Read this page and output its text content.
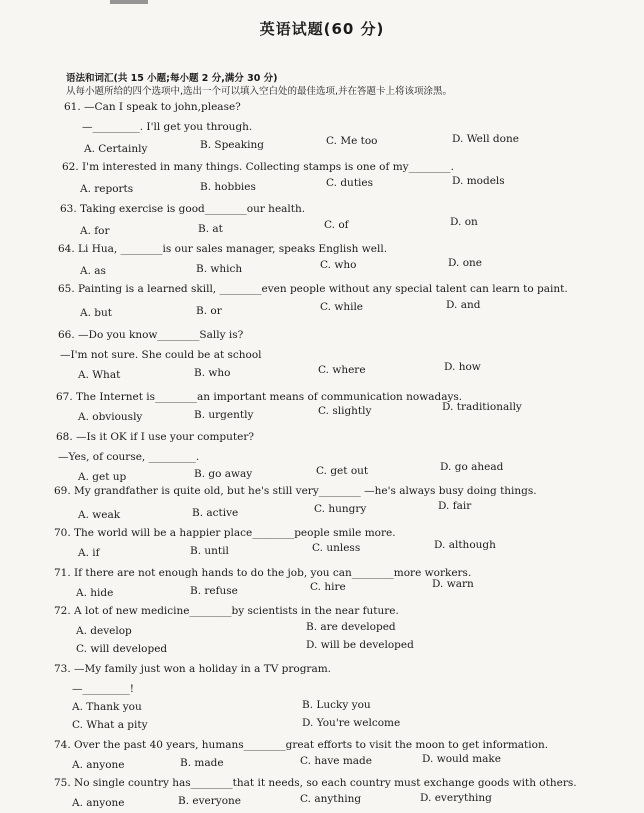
英语试题(60 分)
语法和词汇(共 15 小题;每小题 2 分,满分 30 分)
从每小题所给的四个选项中,选出一个可以填入空白处的最佳选项,并在答题卡上将该项涂黑。
61. —Can I speak to john,please?
—_________. I'll get you through.
A. Certainly	B. Speaking	C. Me too	D. Well done
62. I'm interested in many things. Collecting stamps is one of my________.
A. reports	B. hobbies	C. duties	D. models
63. Taking exercise is good________our health.
A. for	B. at	C. of	D. on
64. Li Hua, ________is our sales manager, speaks English well.
A. as	B. which	C. who	D. one
65. Painting is a learned skill, ________even people without any special talent can learn to paint.
A. but	B. or	C. while	D. and
66. —Do you know________Sally is?
—I'm not sure. She could be at school
A. What	B. who	C. where	D. how
67. The Internet is________an important means of communication nowadays.
A. obviously	B. urgently	C. slightly	D. traditionally
68. —Is it OK if I use your computer?
—Yes, of course, _________.
A. get up	B. go away	C. get out	D. go ahead
69. My grandfather is quite old, but he's still very________ —he's always busy doing things.
A. weak	B. active	C. hungry	D. fair
70. The world will be a happier place________people smile more.
A. if	B. until	C. unless	D. although
71. If there are not enough hands to do the job, you can________more workers.
A. hide	B. refuse	C. hire	D. warn
72. A lot of new medicine________by scientists in the near future.
A. develop	B. are developed
C. will developed	D. will be developed
73. —My family just won a holiday in a TV program.
—_________!
A. Thank you	B. Lucky you
C. What a pity	D. You're welcome
74. Over the past 40 years, humans________great efforts to visit the moon to get information.
A. anyone	B. made	C. have made	D. would make
75. No single country has________that it needs, so each country must exchange goods with others.
A. anyone	B. everyone	C. anything	D. everything
